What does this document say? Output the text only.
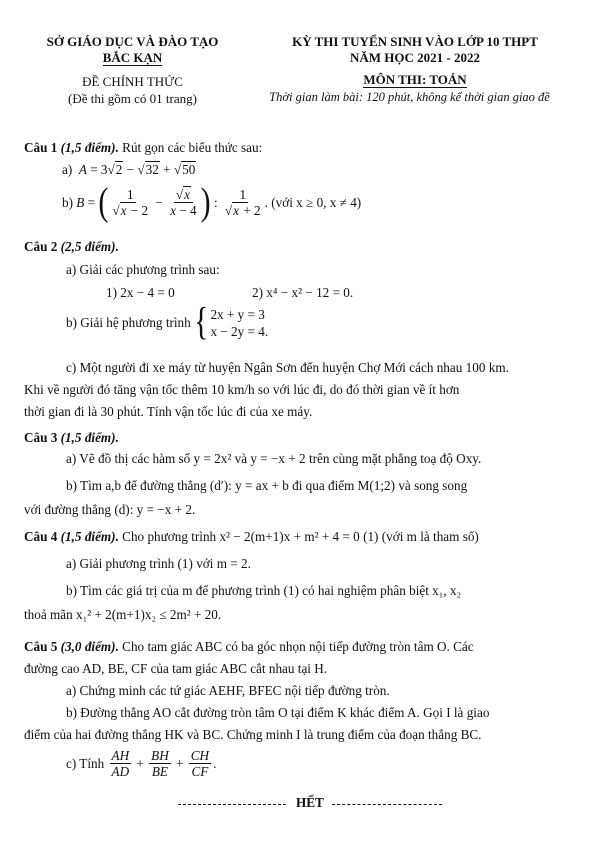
SỞ GIÁO DỤC VÀ ĐÀO TẠO
BẮC KẠN
ĐỀ CHÍNH THỨC
(Đề thi gồm có 01 trang)
KỲ THI TUYỂN SINH VÀO LỚP 10 THPT
NĂM HỌC 2021 - 2022
MÔN THI: TOÁN
Thời gian làm bài: 120 phút, không kể thời gian giao đề
Câu 1 (1,5 điểm). Rút gọn các biểu thức sau:
a) A = 3√2 − √32 + √50
b)
B = ( $\frac{1}{√x - 2} - \frac{√x}{x - 4}$ ) : $\frac{1}{√x + 2}$ . (với x ≥ 0, x ≠ 4)
Câu 2 (2,5 điểm).
a) Giải các phương trình sau:
1) 2x − 4 = 0	2) x⁴ − x² − 12 = 0.
b) Giải hệ phương trình
{ 2x + y = 3
x − 2y = 4.
c) Một người đi xe máy từ huyện Ngân Sơn đến huyện Chợ Mới cách nhau 100 km.
Khi về người đó tăng vận tốc thêm 10 km/h so với lúc đi, do đó thời gian về ít hơn
thời gian đi là 30 phút. Tính vận tốc lúc đi của xe máy.
Câu 3 (1,5 điểm).
a) Vẽ đồ thị các hàm số y = 2x² và y = −x + 2 trên cùng mặt phẳng toạ độ Oxy.
b) Tìm a,b để đường thẳng (d′): y = ax + b đi qua điểm M(1;2) và song song
với đường thẳng (d): y = −x + 2.
Câu 4 (1,5 điểm). Cho phương trình x² − 2(m+1)x + m² + 4 = 0 (1) (với m là tham số)
a) Giải phương trình (1) với m = 2.
b) Tìm các giá trị của m để phương trình (1) có hai nghiệm phân biệt x₁, x₂
thoả mãn x₁² + 2(m+1)x₂ ≤ 2m² + 20.
Câu 5 (3,0 điểm). Cho tam giác ABC có ba góc nhọn nội tiếp đường tròn tâm O. Các
đường cao AD, BE, CF của tam giác ABC cắt nhau tại H.
a) Chứng minh các tứ giác AEHF, BFEC nội tiếp đường tròn.
b) Đường thẳng AO cắt đường tròn tâm O tại điểm K khác điểm A. Gọi I là giao
điểm của hai đường thẳng HK và BC. Chứng minh I là trung điểm của đoạn thẳng BC.
c) Tính
$\frac{AH}{AD} + \frac{BH}{BE} + \frac{CH}{CF}$ .
HẾT
